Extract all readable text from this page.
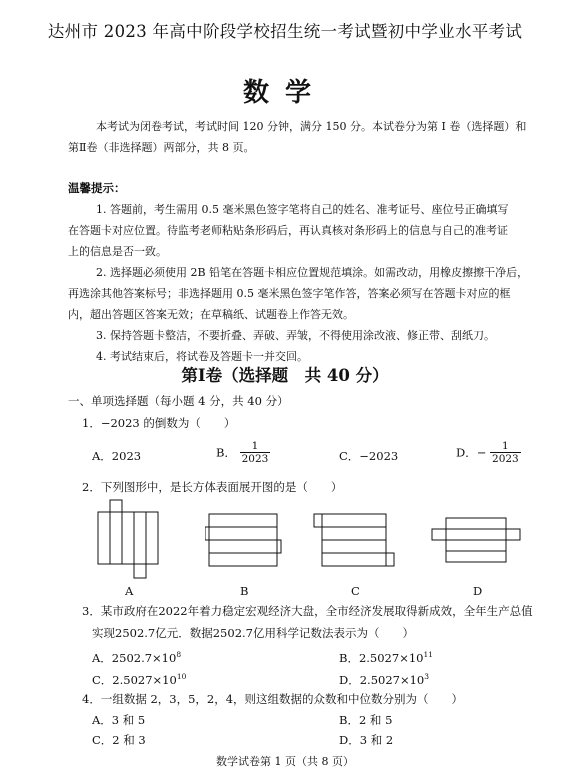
达州市 2023 年高中阶段学校招生统一考试暨初中学业水平考试
数学
本考试为闭卷考试，考试时间 120 分钟，满分 150 分。本试卷分为第 Ⅰ 卷（选择题）和
第Ⅱ卷（非选择题）两部分，共 8 页。
温馨提示：
1. 答题前，考生需用 0.5 毫米黑色签字笔将自己的姓名、准考证号、座位号正确填写
在答题卡对应位置。待监考老师粘贴条形码后，再认真核对条形码上的信息与自己的准考证
上的信息是否一致。
2. 选择题必须使用 2B 铅笔在答题卡相应位置规范填涂。如需改动，用橡皮擦擦干净后，
再选涂其他答案标号；非选择题用 0.5 毫米黑色签字笔作答，答案必须写在答题卡对应的框
内，超出答题区答案无效；在草稿纸、试题卷上作答无效。
3. 保持答题卡整洁，不要折叠、弄破、弄皱，不得使用涂改液、修正带、刮纸刀。
4. 考试结束后，将试卷及答题卡一并交回。
第Ⅰ卷（选择题　共 40 分）
一、单项选择题（每小题 4 分，共 40 分）
1．−2023 的倒数为（　　）
A．2023	B． $\frac{1}{2023}$	C．−2023	D．− $\frac{1}{2023}$
2．下列图形中，是长方体表面展开图的是（　　）
A	B	C	D
3．某市政府在2022年着力稳定宏观经济大盘，全市经济发展取得新成效，全年生产总值
实现2502.7亿元．数据2502.7亿用科学记数法表示为（　　）
A．$2502.7\times 10^8$	B．$2.5027\times 10^{11}$
C．$2.5027\times 10^{10}$	D．$2.5027\times 10^3$
4．一组数据 2，3，5，2，4，则这组数据的众数和中位数分别为（　　）
A．3 和 5	B．2 和 5
C．2 和 3	D．3 和 2
数学试卷第 1 页（共 8 页）
